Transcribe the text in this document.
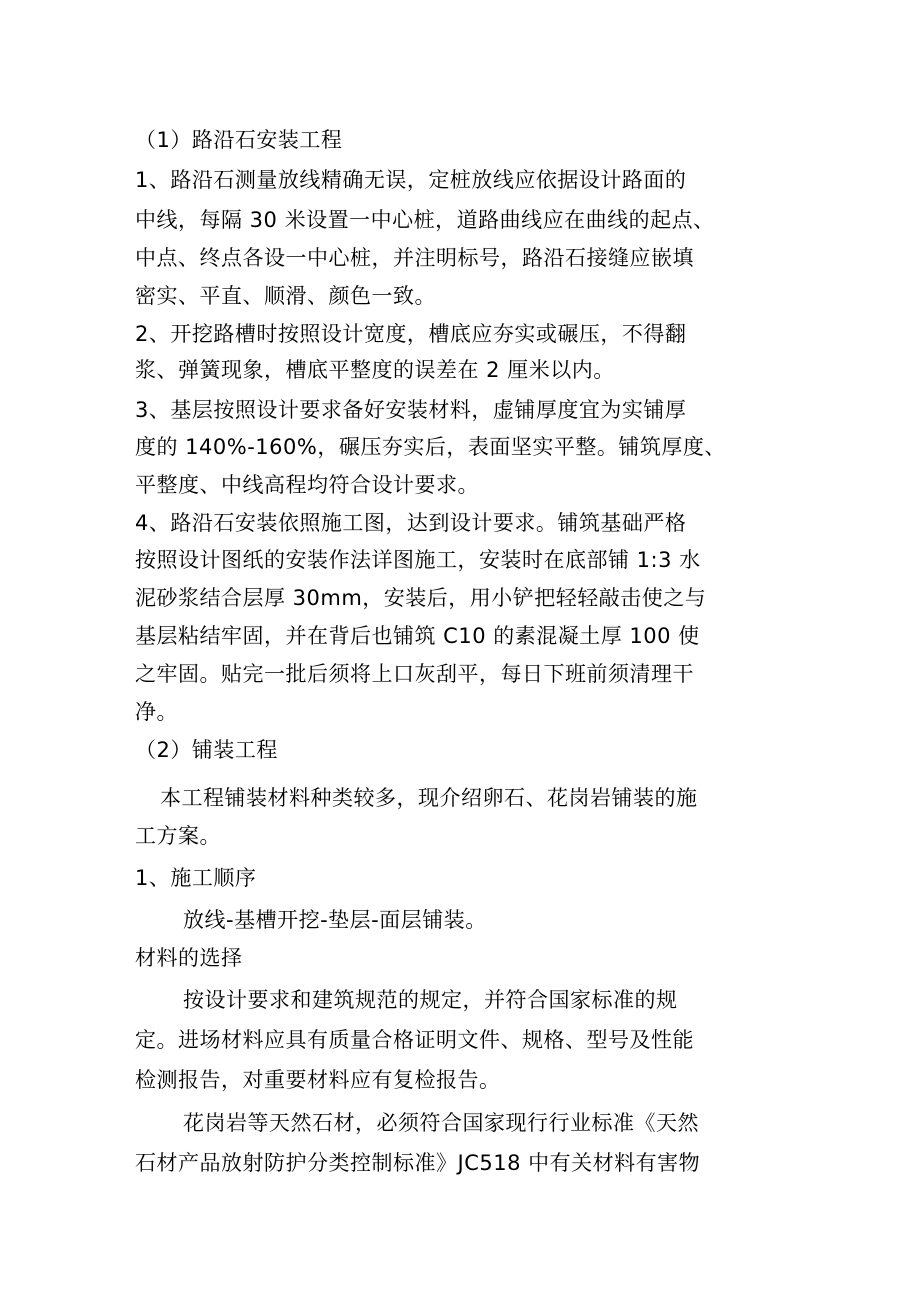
（1）路沿石安装工程
1、路沿石测量放线精确无误，定桩放线应依据设计路面的
中线，每隔 30 米设置一中心桩，道路曲线应在曲线的起点、
中点、终点各设一中心桩，并注明标号，路沿石接缝应嵌填
密实、平直、顺滑、颜色一致。
2、开挖路槽时按照设计宽度，槽底应夯实或碾压，不得翻
浆、弹簧现象，槽底平整度的误差在 2 厘米以内。
3、基层按照设计要求备好安装材料，虚铺厚度宜为实铺厚
度的 140%-160%，碾压夯实后，表面坚实平整。铺筑厚度、
平整度、中线高程均符合设计要求。
4、路沿石安装依照施工图，达到设计要求。铺筑基础严格
按照设计图纸的安装作法详图施工，安装时在底部铺 1:3 水
泥砂浆结合层厚 30mm，安装后，用小铲把轻轻敲击使之与
基层粘结牢固，并在背后也铺筑 C10 的素混凝土厚 100 使
之牢固。贴完一批后须将上口灰刮平，每日下班前须清理干
净。
（2）铺装工程
本工程铺装材料种类较多，现介绍卵石、花岗岩铺装的施
工方案。
1、施工顺序
放线-基槽开挖-垫层-面层铺装。
材料的选择
按设计要求和建筑规范的规定，并符合国家标准的规
定。进场材料应具有质量合格证明文件、规格、型号及性能
检测报告，对重要材料应有复检报告。
花岗岩等天然石材，必须符合国家现行行业标准《天然
石材产品放射防护分类控制标准》JC518 中有关材料有害物
